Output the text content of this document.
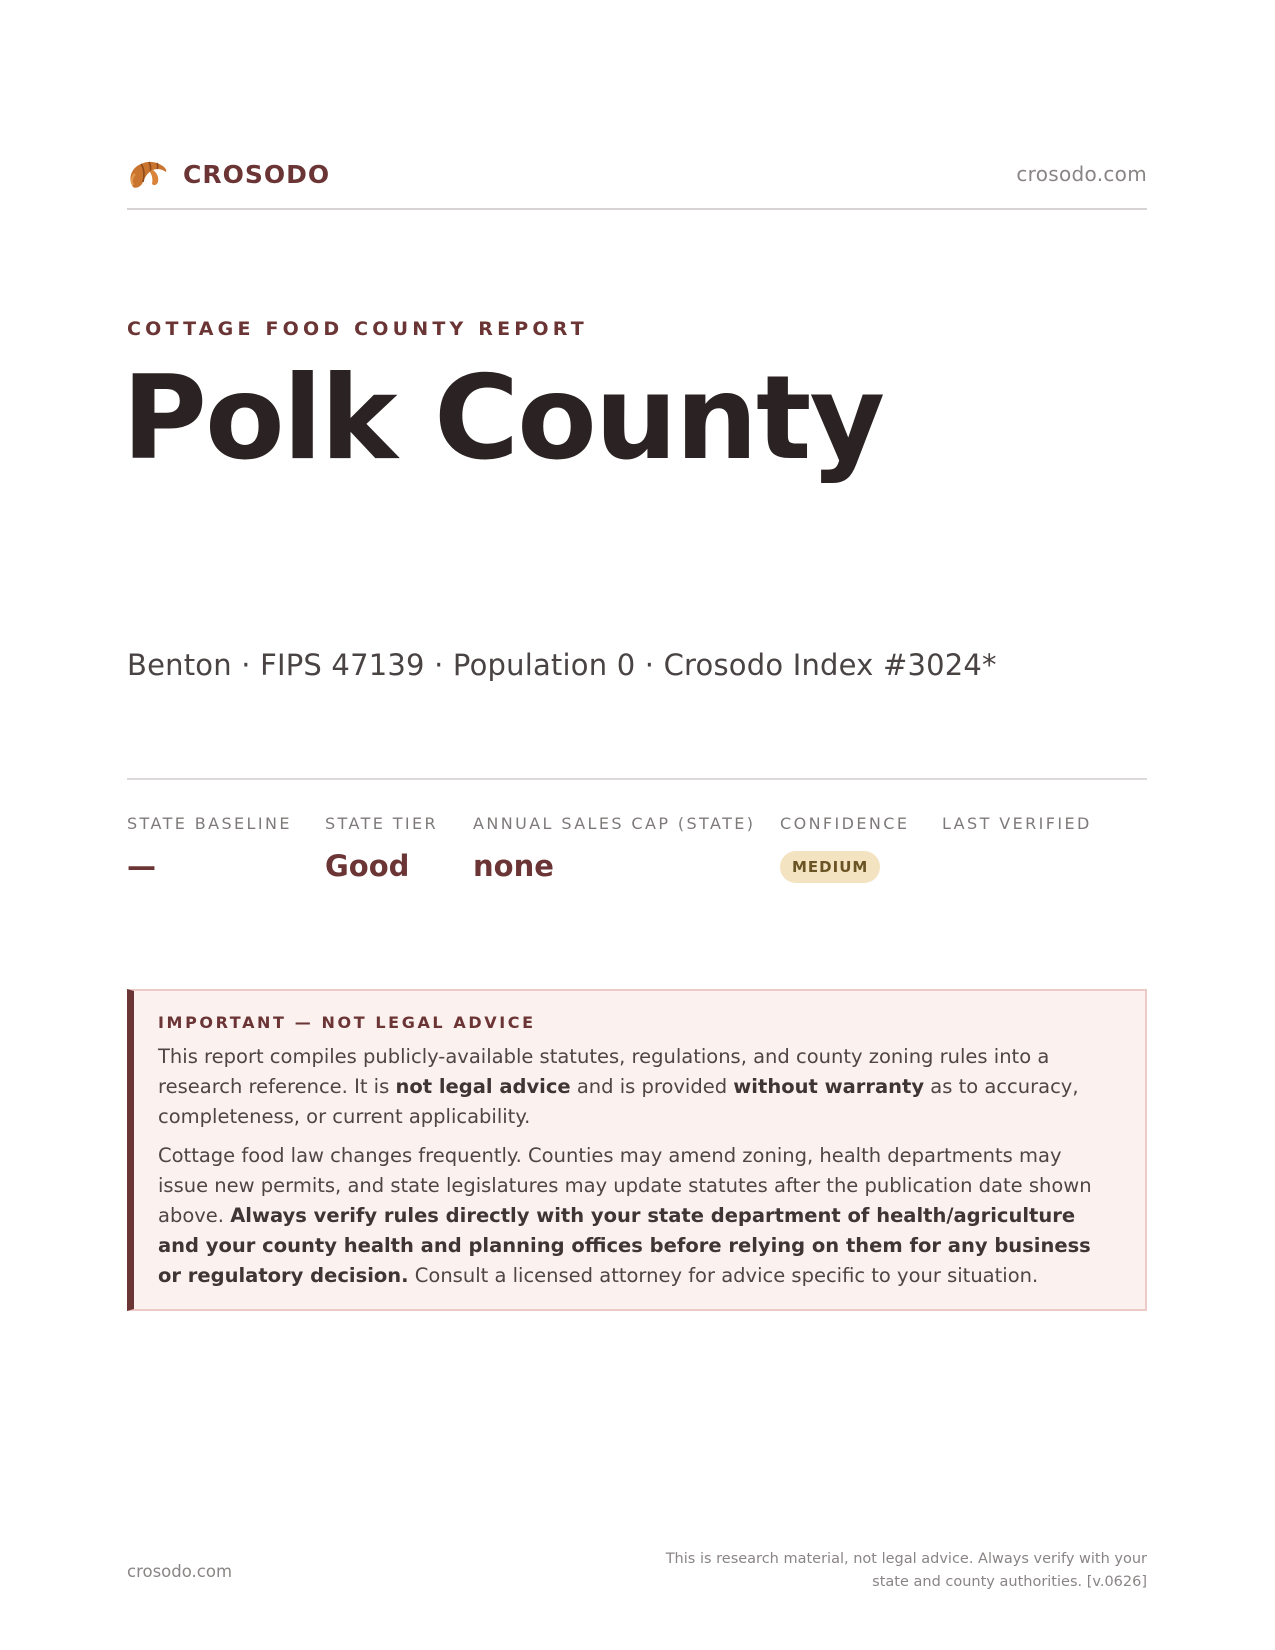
CROSODO	crosodo.com
COTTAGE FOOD COUNTY REPORT
Polk County
Benton · FIPS 47139 · Population 0 · Crosodo Index #3024*
STATE BASELINE
—
STATE TIER
Good
ANNUAL SALES CAP (STATE)
none
CONFIDENCE
MEDIUM
LAST VERIFIED
IMPORTANT — NOT LEGAL ADVICE

This report compiles publicly-available statutes, regulations, and county zoning rules into a research reference. It is not legal advice and is provided without warranty as to accuracy, completeness, or current applicability.

Cottage food law changes frequently. Counties may amend zoning, health departments may issue new permits, and state legislatures may update statutes after the publication date shown above. Always verify rules directly with your state department of health/agriculture and your county health and planning offices before relying on them for any business or regulatory decision. Consult a licensed attorney for advice specific to your situation.

crosodo.com
This is research material, not legal advice. Always verify with your state and county authorities. [v.0626]
